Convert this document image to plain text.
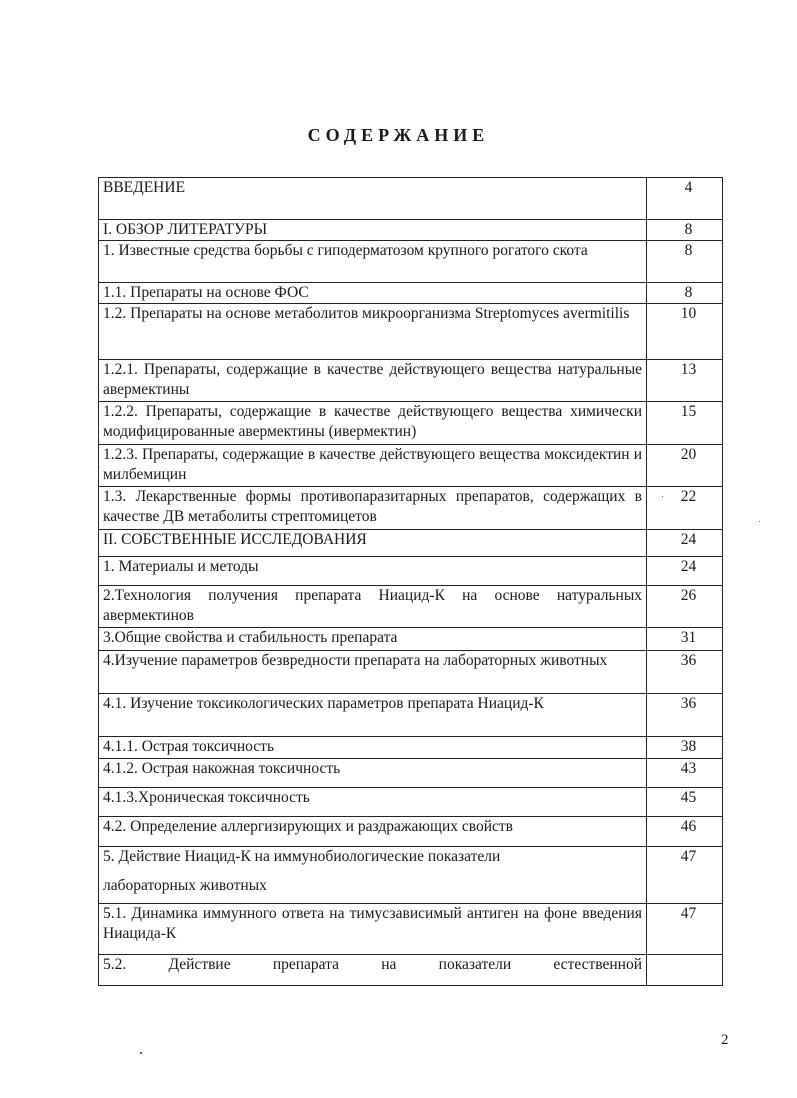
СОДЕРЖАНИЕ
ВВЕДЕНИЕ	4
I. ОБЗОР ЛИТЕРАТУРЫ	8
1. Известные средства борьбы с гиподерматозом крупного рогатого скота	8
1.1. Препараты на основе ФОС	8
1.2. Препараты на основе метаболитов микроорганизма Streptomyces avermitilis	10
1.2.1. Препараты, содержащие в качестве действующего вещества натуральные авермектины	13
1.2.2. Препараты, содержащие в качестве действующего вещества химически модифицированные авермектины (ивермектин)	15
1.2.3. Препараты, содержащие в качестве действующего вещества моксидектин и милбемицин	20
1.3. Лекарственные формы противопаразитарных препаратов, содержащих в качестве ДВ метаболиты стрептомицетов	22
II. СОБСТВЕННЫЕ ИССЛЕДОВАНИЯ	24
1. Материалы и методы	24
2.Технология получения препарата Ниацид-К на основе натуральных авермектинов	26
3.Общие свойства и стабильность препарата	31
4.Изучение параметров безвредности препарата на лабораторных животных	36
4.1. Изучение токсикологических параметров препарата Ниацид-К	36
4.1.1. Острая токсичность	38
4.1.2. Острая накожная токсичность	43
4.1.3.Хроническая токсичность	45
4.2. Определение аллергизирующих и раздражающих свойств	46

5. Действие Ниацид-К на иммунобиологические показатели
лабораторных животных	47
5.1. Динамика иммунного ответа на тимусзависимый антиген на фоне введения Ниацида-К	47
5.2. Действие препарата на показатели естественной	
2
